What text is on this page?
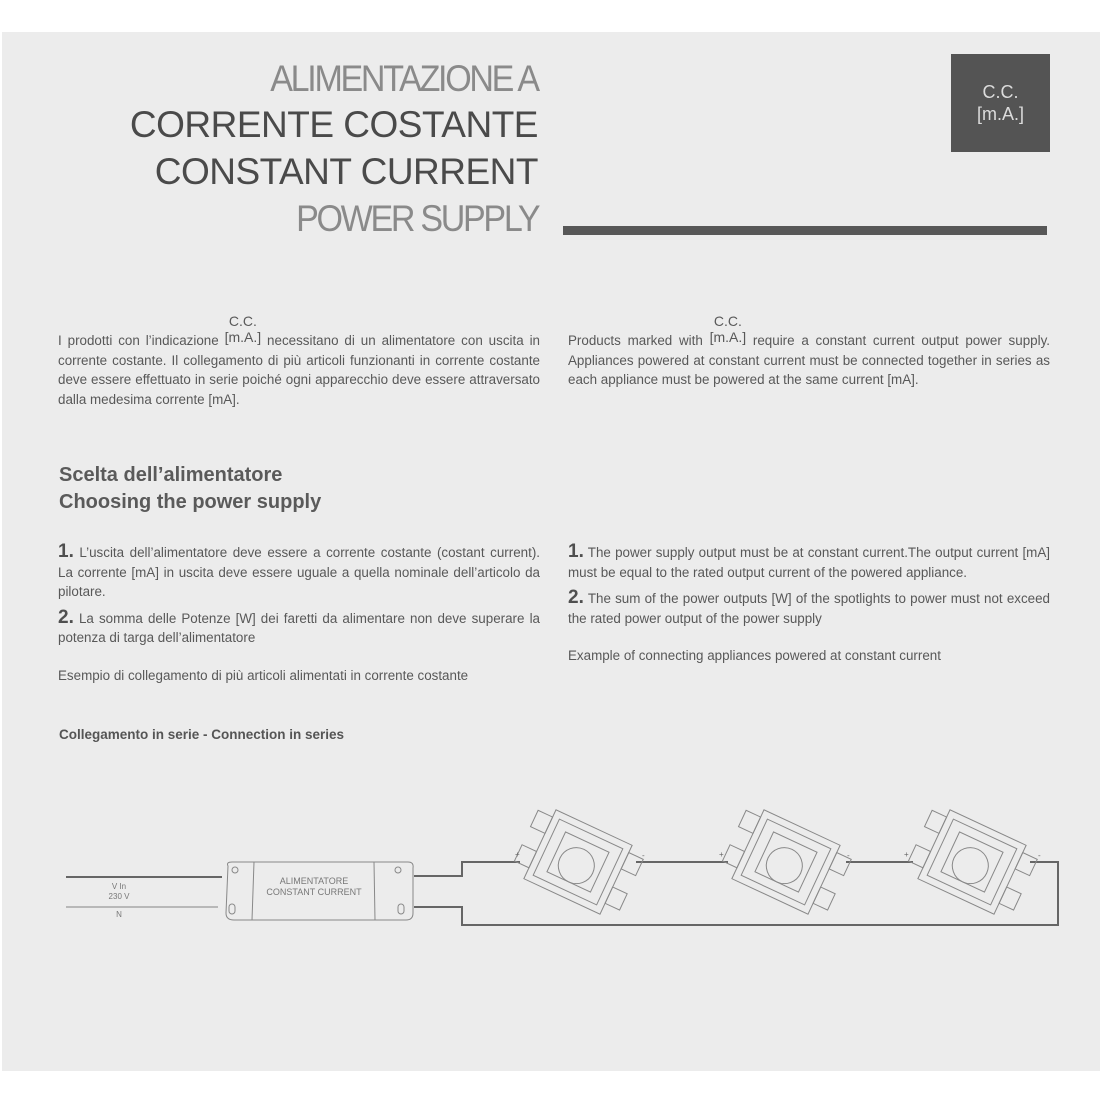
ALIMENTAZIONE A
CORRENTE COSTANTE
CONSTANT CURRENT
POWER SUPPLY
C.C.
[m.A.]
I prodotti con l’indicazione
C.C.
[m.A.] necessitano di un alimentatore con uscita in corrente costante. Il collegamento di più articoli funzionanti in corrente costante deve essere effettuato in serie poiché ogni apparecchio deve essere attraversato dalla medesima corrente [mA].
Products marked with
C.C.
[m.A.] require a constant current output power supply. Appliances powered at constant current must be connected together in series as each appliance must be powered at the same current [mA].
Scelta dell’alimentatore
Choosing the power supply

1. L’uscita dell’alimentatore deve essere a corrente costante (costant current). La corrente [mA] in uscita deve essere uguale a quella nominale dell’articolo da pilotare.

2. La somma delle Potenze [W] dei faretti da alimentare non deve superare la potenza di targa dell’alimentatore

Esempio di collegamento di più articoli alimentati in corrente costante

1. The power supply output must be at constant current.The output current [mA] must be equal to the rated output current of the powered appliance.

2. The sum of the power outputs [W] of the spotlights to power must not exceed the rated power output of the power supply

Example of connecting appliances powered at constant current

Collegamento in serie - Connection in series
V In
230 V
N
ALIMENTATORE
CONSTANT CURRENT
+	-	+	-	+	-
